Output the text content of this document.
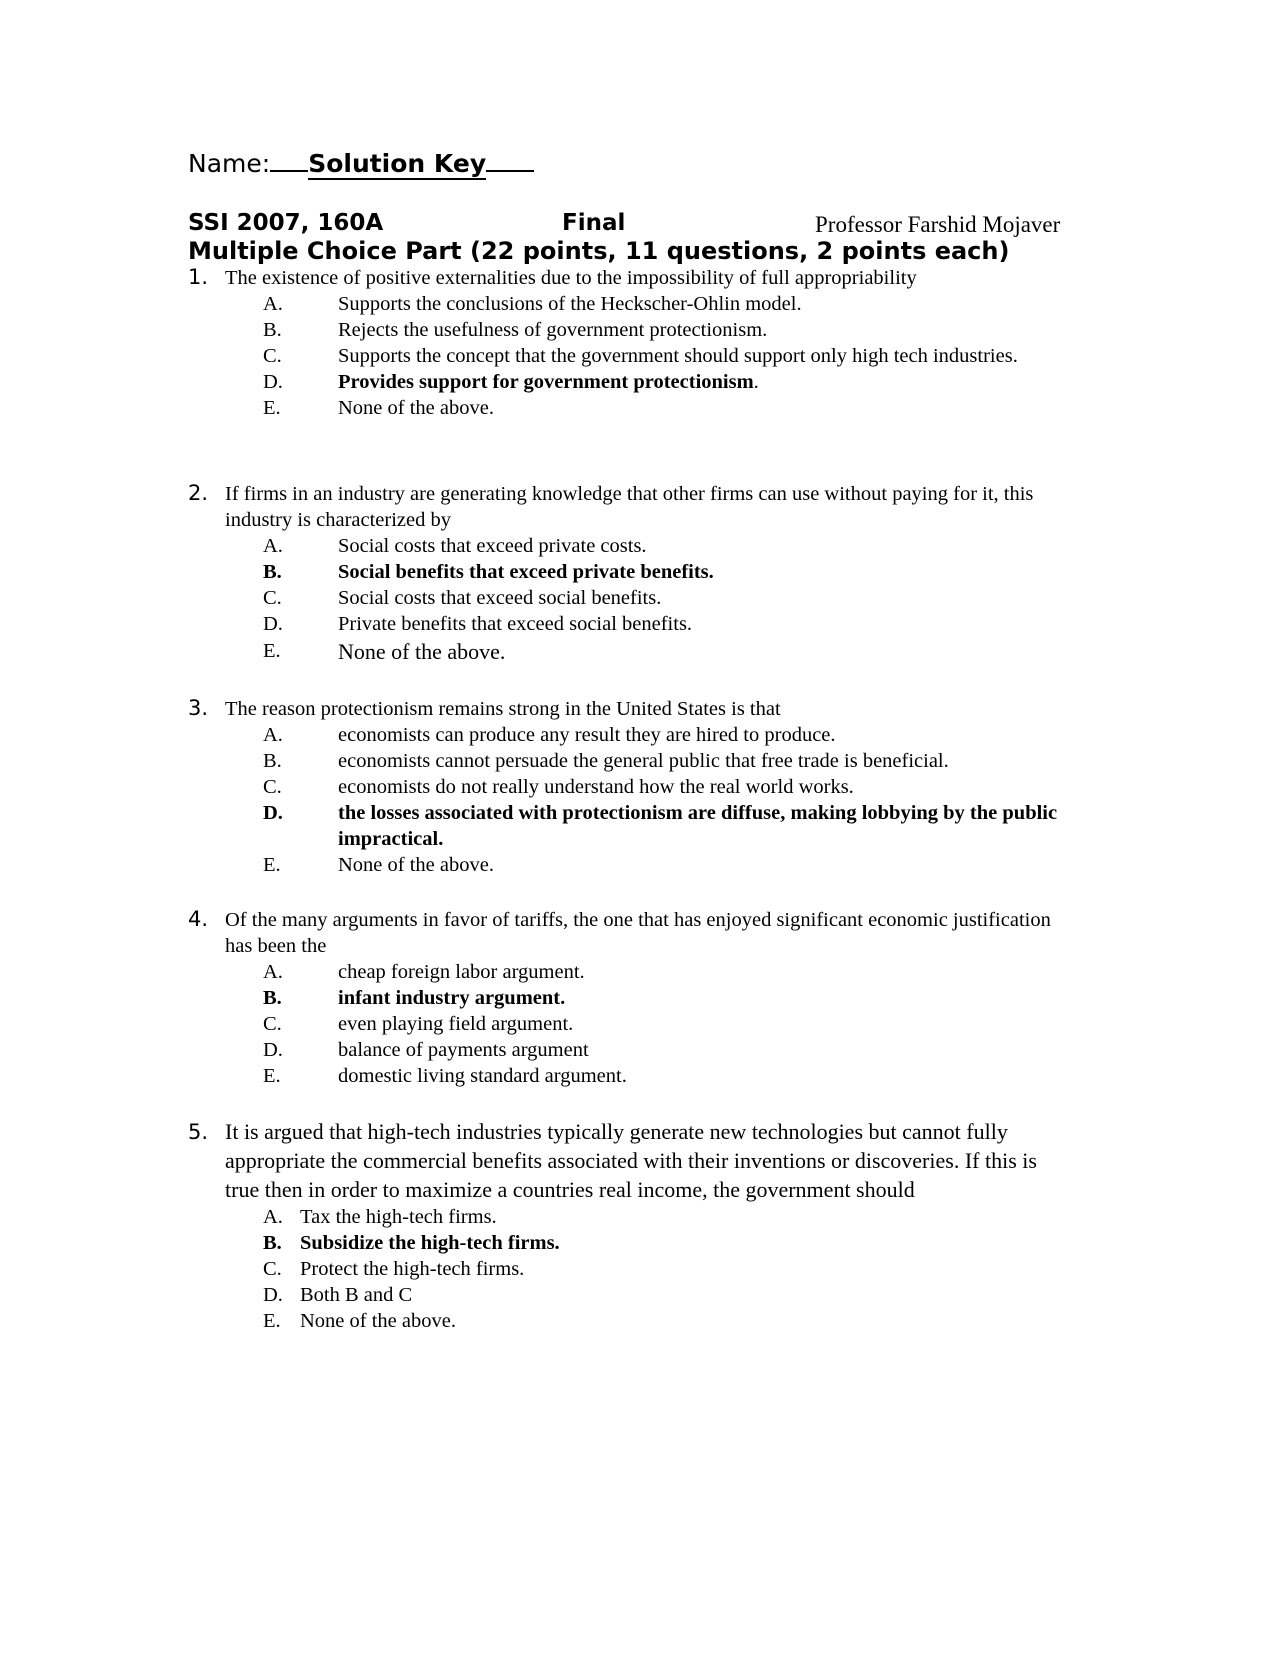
Name: Solution Key
SSI 2007, 160A	Final	Professor Farshid Mojaver
Multiple Choice Part (22 points, 11 questions, 2 points each)
1. The existence of positive externalities due to the impossibility of full appropriability
A.	Supports the conclusions of the Heckscher-Ohlin model.
B.	Rejects the usefulness of government protectionism.
C.	Supports the concept that the government should support only high tech industries.
D.	Provides support for government protectionism.
E.	None of the above.
2. If firms in an industry are generating knowledge that other firms can use without paying for it, this industry is characterized by
A.	Social costs that exceed private costs.
B.	Social benefits that exceed private benefits.
C.	Social costs that exceed social benefits.
D.	Private benefits that exceed social benefits.
E.	None of the above.
3. The reason protectionism remains strong in the United States is that
A.	economists can produce any result they are hired to produce.
B.	economists cannot persuade the general public that free trade is beneficial.
C.	economists do not really understand how the real world works.
D.	the losses associated with protectionism are diffuse, making lobbying by the public impractical.
E.	None of the above.
4. Of the many arguments in favor of tariffs, the one that has enjoyed significant economic justification has been the
A.	cheap foreign labor argument.
B.	infant industry argument.
C.	even playing field argument.
D.	balance of payments argument
E.	domestic living standard argument.
5. It is argued that high-tech industries typically generate new technologies but cannot fully appropriate the commercial benefits associated with their inventions or discoveries. If this is true then in order to maximize a countries real income, the government should
A. Tax the high-tech firms.
B. Subsidize the high-tech firms.
C. Protect the high-tech firms.
D. Both B and C
E. None of the above.
